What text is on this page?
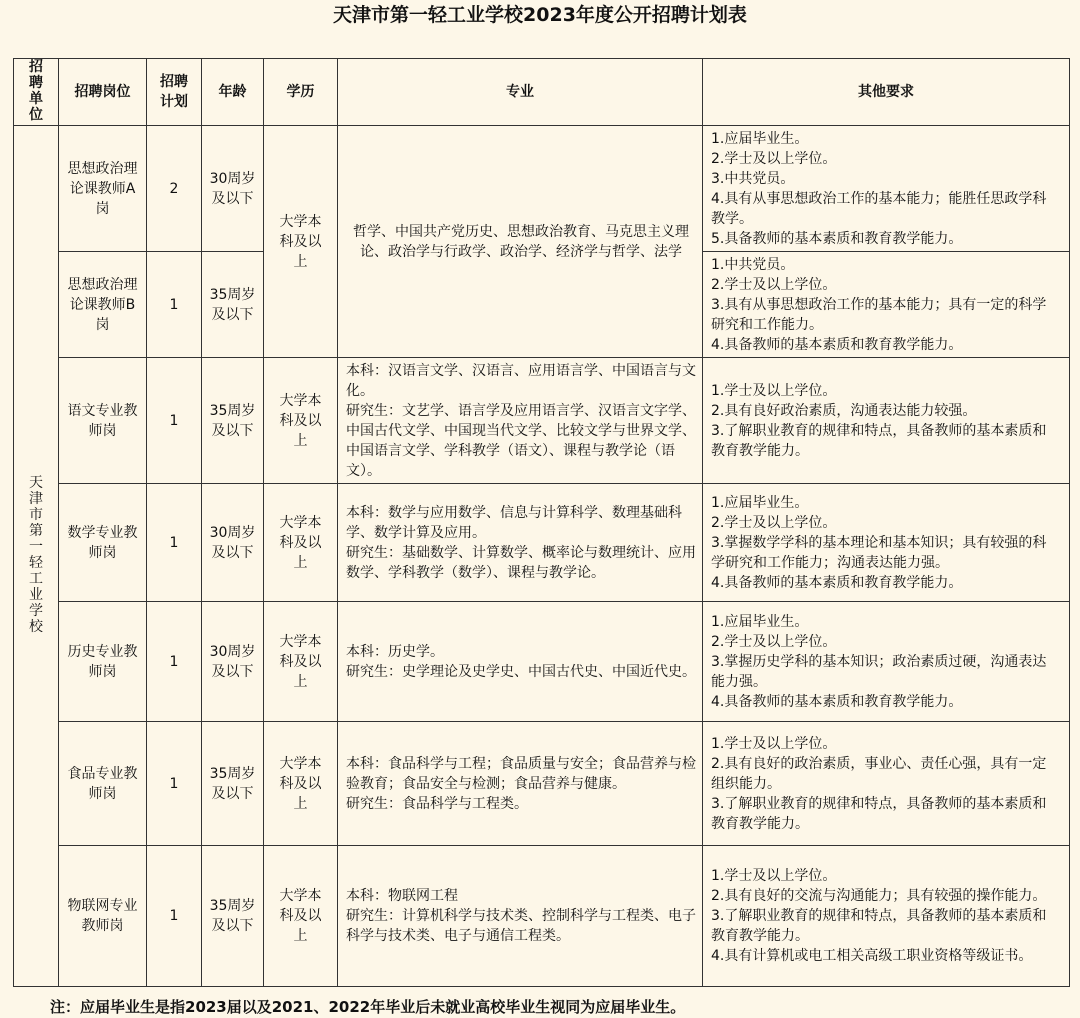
天津市第一轻工业学校2023年度公开招聘计划表
招聘单位	招聘岗位	招聘计划	年龄	学历	专业	其他要求
天津市第一轻工业学校	思想政治理论课教师A岗	2	30周岁及以下	大学本科及以上	哲学、中国共产党历史、思想政治教育、马克思主义理论、政治学与行政学、政治学、经济学与哲学、法学	1.应届毕业生。
2.学士及以上学位。
3.中共党员。
4.具有从事思想政治工作的基本能力；能胜任思政学科教学。
5.具备教师的基本素质和教育教学能力。

	思想政治理论课教师B岗	1	35周岁及以下			1.中共党员。
2.学士及以上学位。
3.具有从事思想政治工作的基本能力；具有一定的科学研究和工作能力。
4.具备教师的基本素质和教育教学能力。

	语文专业教师岗	1	35周岁及以下	大学本科及以上	本科：汉语言文学、汉语言、应用语言学、中国语言与文化。
研究生：文艺学、语言学及应用语言学、汉语言文字学、中国古代文学、中国现当代文学、比较文学与世界文学、中国语言文学、学科教学（语文）、课程与教学论（语文）。	1.学士及以上学位。
2.具有良好政治素质，沟通表达能力较强。
3.了解职业教育的规律和特点，具备教师的基本素质和教育教学能力。

	数学专业教师岗	1	30周岁及以下	大学本科及以上	本科：数学与应用数学、信息与计算科学、数理基础科学、数学计算及应用。
研究生：基础数学、计算数学、概率论与数理统计、应用数学、学科教学（数学）、课程与教学论。	1.应届毕业生。
2.学士及以上学位。
3.掌握数学学科的基本理论和基本知识；具有较强的科学研究和工作能力；沟通表达能力强。
4.具备教师的基本素质和教育教学能力。

	历史专业教师岗	1	30周岁及以下	大学本科及以上	本科：历史学。
研究生：史学理论及史学史、中国古代史、中国近代史。	1.应届毕业生。
2.学士及以上学位。
3.掌握历史学科的基本知识；政治素质过硬，沟通表达能力强。
4.具备教师的基本素质和教育教学能力。

	食品专业教师岗	1	35周岁及以下	大学本科及以上	本科：食品科学与工程；食品质量与安全；食品营养与检验教育；食品安全与检测；食品营养与健康。
研究生：食品科学与工程类。	1.学士及以上学位。
2.具有良好的政治素质，事业心、责任心强，具有一定组织能力。
3.了解职业教育的规律和特点，具备教师的基本素质和教育教学能力。

	物联网专业教师岗	1	35周岁及以下	大学本科及以上	本科：物联网工程
研究生：计算机科学与技术类、控制科学与工程类、电子科学与技术类、电子与通信工程类。	1.学士及以上学位。
2.具有良好的交流与沟通能力；具有较强的操作能力。
3.了解职业教育的规律和特点，具备教师的基本素质和教育教学能力。
4.具有计算机或电工相关高级工职业资格等级证书。
注：应届毕业生是指2023届以及2021、2022年毕业后未就业高校毕业生视同为应届毕业生。
